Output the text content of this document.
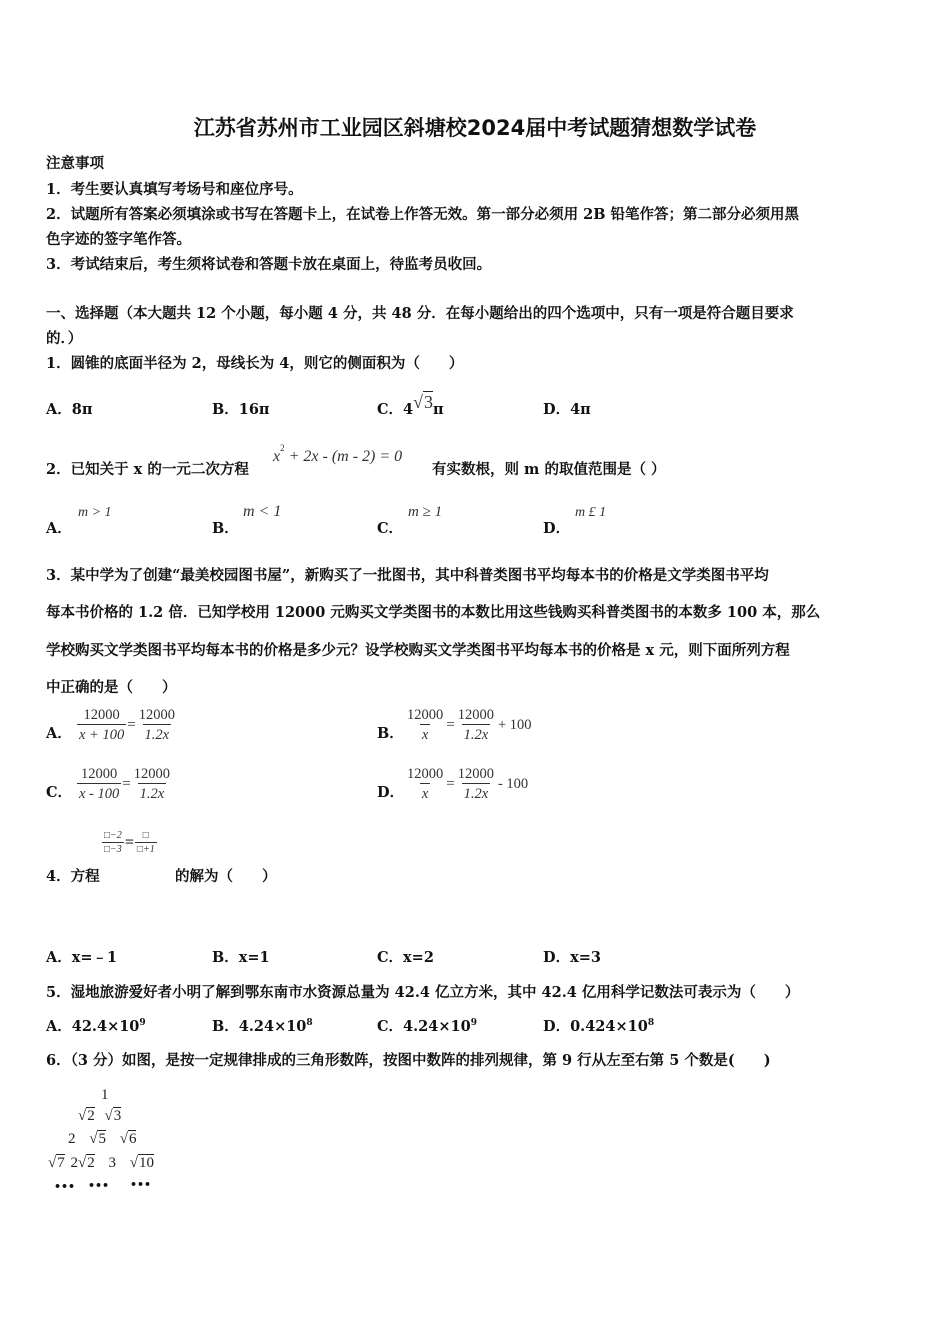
江苏省苏州市工业园区斜塘校2024届中考试题猜想数学试卷
注意事项
1．考生要认真填写考场号和座位序号。
2．试题所有答案必须填涂或书写在答题卡上，在试卷上作答无效。第一部分必须用 2B 铅笔作答；第二部分必须用黑
色字迹的签字笔作答。
3．考试结束后，考生须将试卷和答题卡放在桌面上，待监考员收回。
一、选择题（本大题共 12 个小题，每小题 4 分，共 48 分．在每小题给出的四个选项中，只有一项是符合题目要求
的．）
1．圆锥的底面半径为 2，母线长为 4，则它的侧面积为（　　）
A．8π	B．16π	C．4√3π	D．4π
2．已知关于 x 的一元二次方程
$x^2+ 2x - (m - 2) = 0$
有实数根，则 m 的取值范围是（ ）
A．
m > 1
B．
m < 1
C．
m ≥ 1
D．
m £ 1
3．某中学为了创建“最美校园图书屋”，新购买了一批图书，其中科普类图书平均每本书的价格是文学类图书平均
每本书价格的 1.2 倍．已知学校用 12000 元购买文学类图书的本数比用这些钱购买科普类图书的本数多 100 本，那么
学校购买文学类图书平均每本书的价格是多少元？设学校购买文学类图书平均每本书的价格是 x 元，则下面所列方程
中正确的是（　　）
A． $\frac{12000}{x + 100} = \frac{12000}{1.2x}$	B． $\frac{12000}{x} = \frac{12000}{1.2x} + 100$
C． $\frac{12000}{x - 100} = \frac{12000}{1.2x}$	D． $\frac{12000}{x} = \frac{12000}{1.2x} - 100$
$\frac{□-2}{□-3} = \frac{□}{□+1}$
4．方程	的解为（　　）
A．x=﹣1	B．x=1	C．x=2	D．x=3
5．湿地旅游爱好者小明了解到鄂东南市水资源总量为 42.4 亿立方米，其中 42.4 亿用科学记数法可表示为（　　）
A．$42.4\times 10^9$	B．$4.24\times 10^8$	C．$4.24\times 10^9$	D．$0.424\times 10^8$
6．（3 分）如图，是按一定规律排成的三角形数阵，按图中数阵的排列规律，第 9 行从左至右第 5 个数是(　　)
1
√2 √3
2 √5 √6
√7 2√2 3 √10
••• ••• •••
